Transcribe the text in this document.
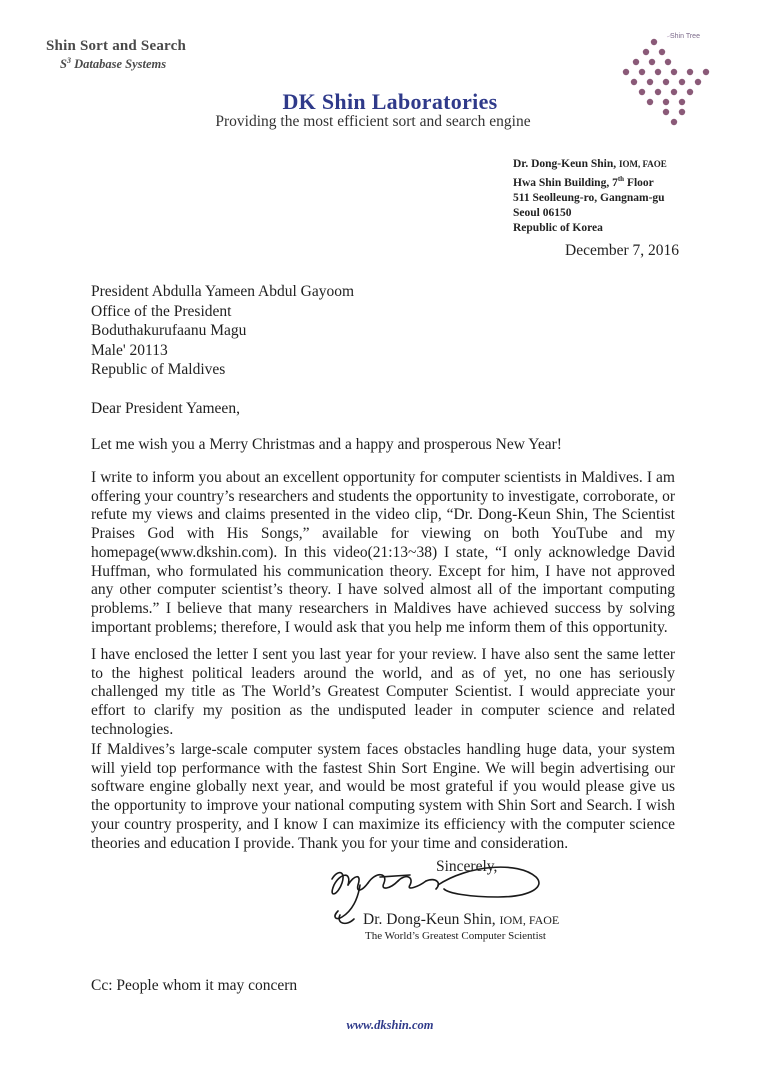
Shin Sort and Search
$S^3$ Database Systems
DK Shin Laboratories
Providing the most efficient sort and search engine
Shin Tree
Dr. Dong-Keun Shin, IOM, FAOE
Hwa Shin Building, 7th Floor
511 Seolleung-ro, Gangnam-gu
Seoul 06150
Republic of Korea
December 7, 2016
President Abdulla Yameen Abdul Gayoom
Office of the President
Boduthakurufaanu Magu
Male' 20113
Republic of Maldives
Dear President Yameen,
Let me wish you a Merry Christmas and a happy and prosperous New Year!
I write to inform you about an excellent opportunity for computer scientists in Maldives. I am offering your country’s researchers and students the opportunity to investigate, corroborate, or refute my views and claims presented in the video clip, “Dr. Dong-Keun Shin, The Scientist Praises God with His Songs,” available for viewing on both YouTube and my homepage(www.dkshin.com). In this video(21:13~38) I state, “I only acknowledge David Huffman, who formulated his communication theory. Except for him, I have not approved any other computer scientist’s theory. I have solved almost all of the important computing problems.” I believe that many researchers in Maldives have achieved success by solving important problems; therefore, I would ask that you help me inform them of this opportunity.
I have enclosed the letter I sent you last year for your review. I have also sent the same letter to the highest political leaders around the world, and as of yet, no one has seriously challenged my title as The World’s Greatest Computer Scientist. I would appreciate your effort to clarify my position as the undisputed leader in computer science and related technologies.
If Maldives’s large-scale computer system faces obstacles handling huge data, your system will yield top performance with the fastest Shin Sort Engine. We will begin advertising our software engine globally next year, and would be most grateful if you would please give us the opportunity to improve your national computing system with Shin Sort and Search. I wish your country prosperity, and I know I can maximize its efficiency with the computer science theories and education I provide. Thank you for your time and consideration.
Sincerely,
Dr. Dong-Keun Shin, IOM, FAOE
The World’s Greatest Computer Scientist
Cc: People whom it may concern
www.dkshin.com
